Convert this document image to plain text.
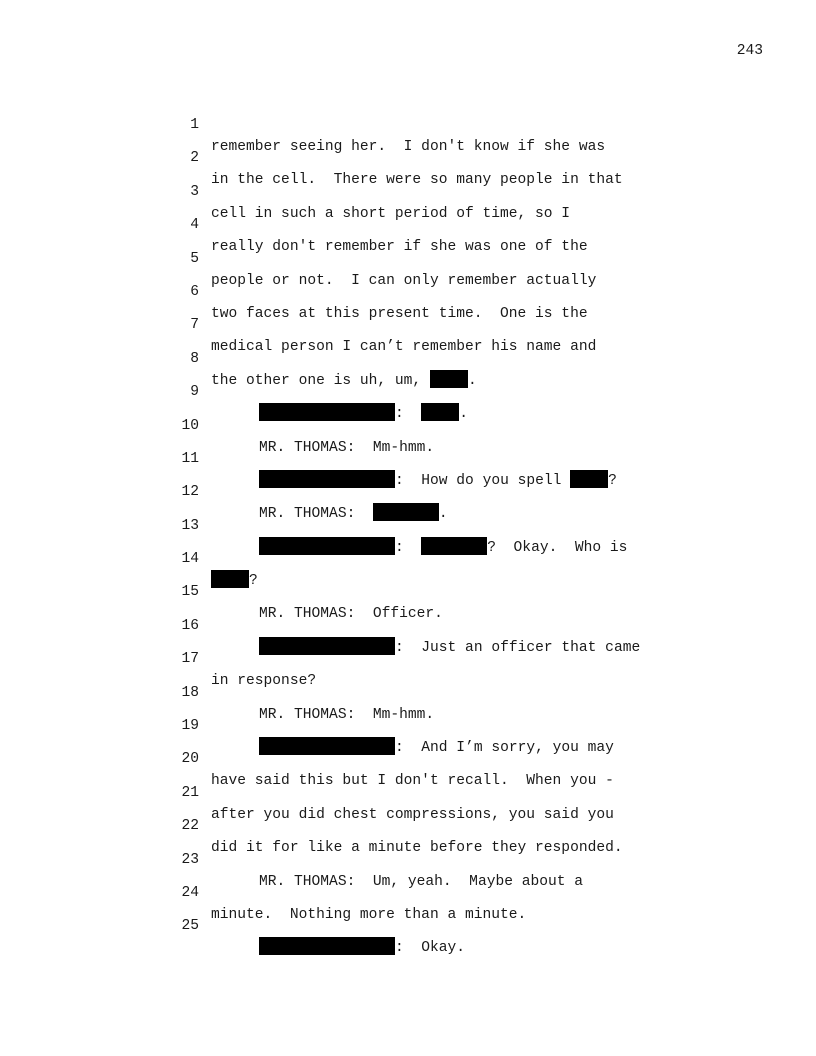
243

1

remember seeing her.  I don't know if she was

2

in the cell.  There were so many people in that

3

cell in such a short period of time, so I

4

really don't remember if she was one of the

5

people or not.  I can only remember actually

6

two faces at this present time.  One is the

7

medical person I can’t remember his name and

8

the other one is uh, um,	.

9

:	.

10

MR. THOMAS:  Mm-hmm.

11

:  How do you spell	?

12

MR. THOMAS:	.

13

:	?  Okay.  Who is

14

?

15

MR. THOMAS:  Officer.

16

:  Just an officer that came

17

in response?

18

MR. THOMAS:  Mm-hmm.

19

:  And I’m sorry, you may

20

have said this but I don't recall.  When you -

21

after you did chest compressions, you said you

22

did it for like a minute before they responded.

23

MR. THOMAS:  Um, yeah.  Maybe about a

24

minute.  Nothing more than a minute.

25

:  Okay.
